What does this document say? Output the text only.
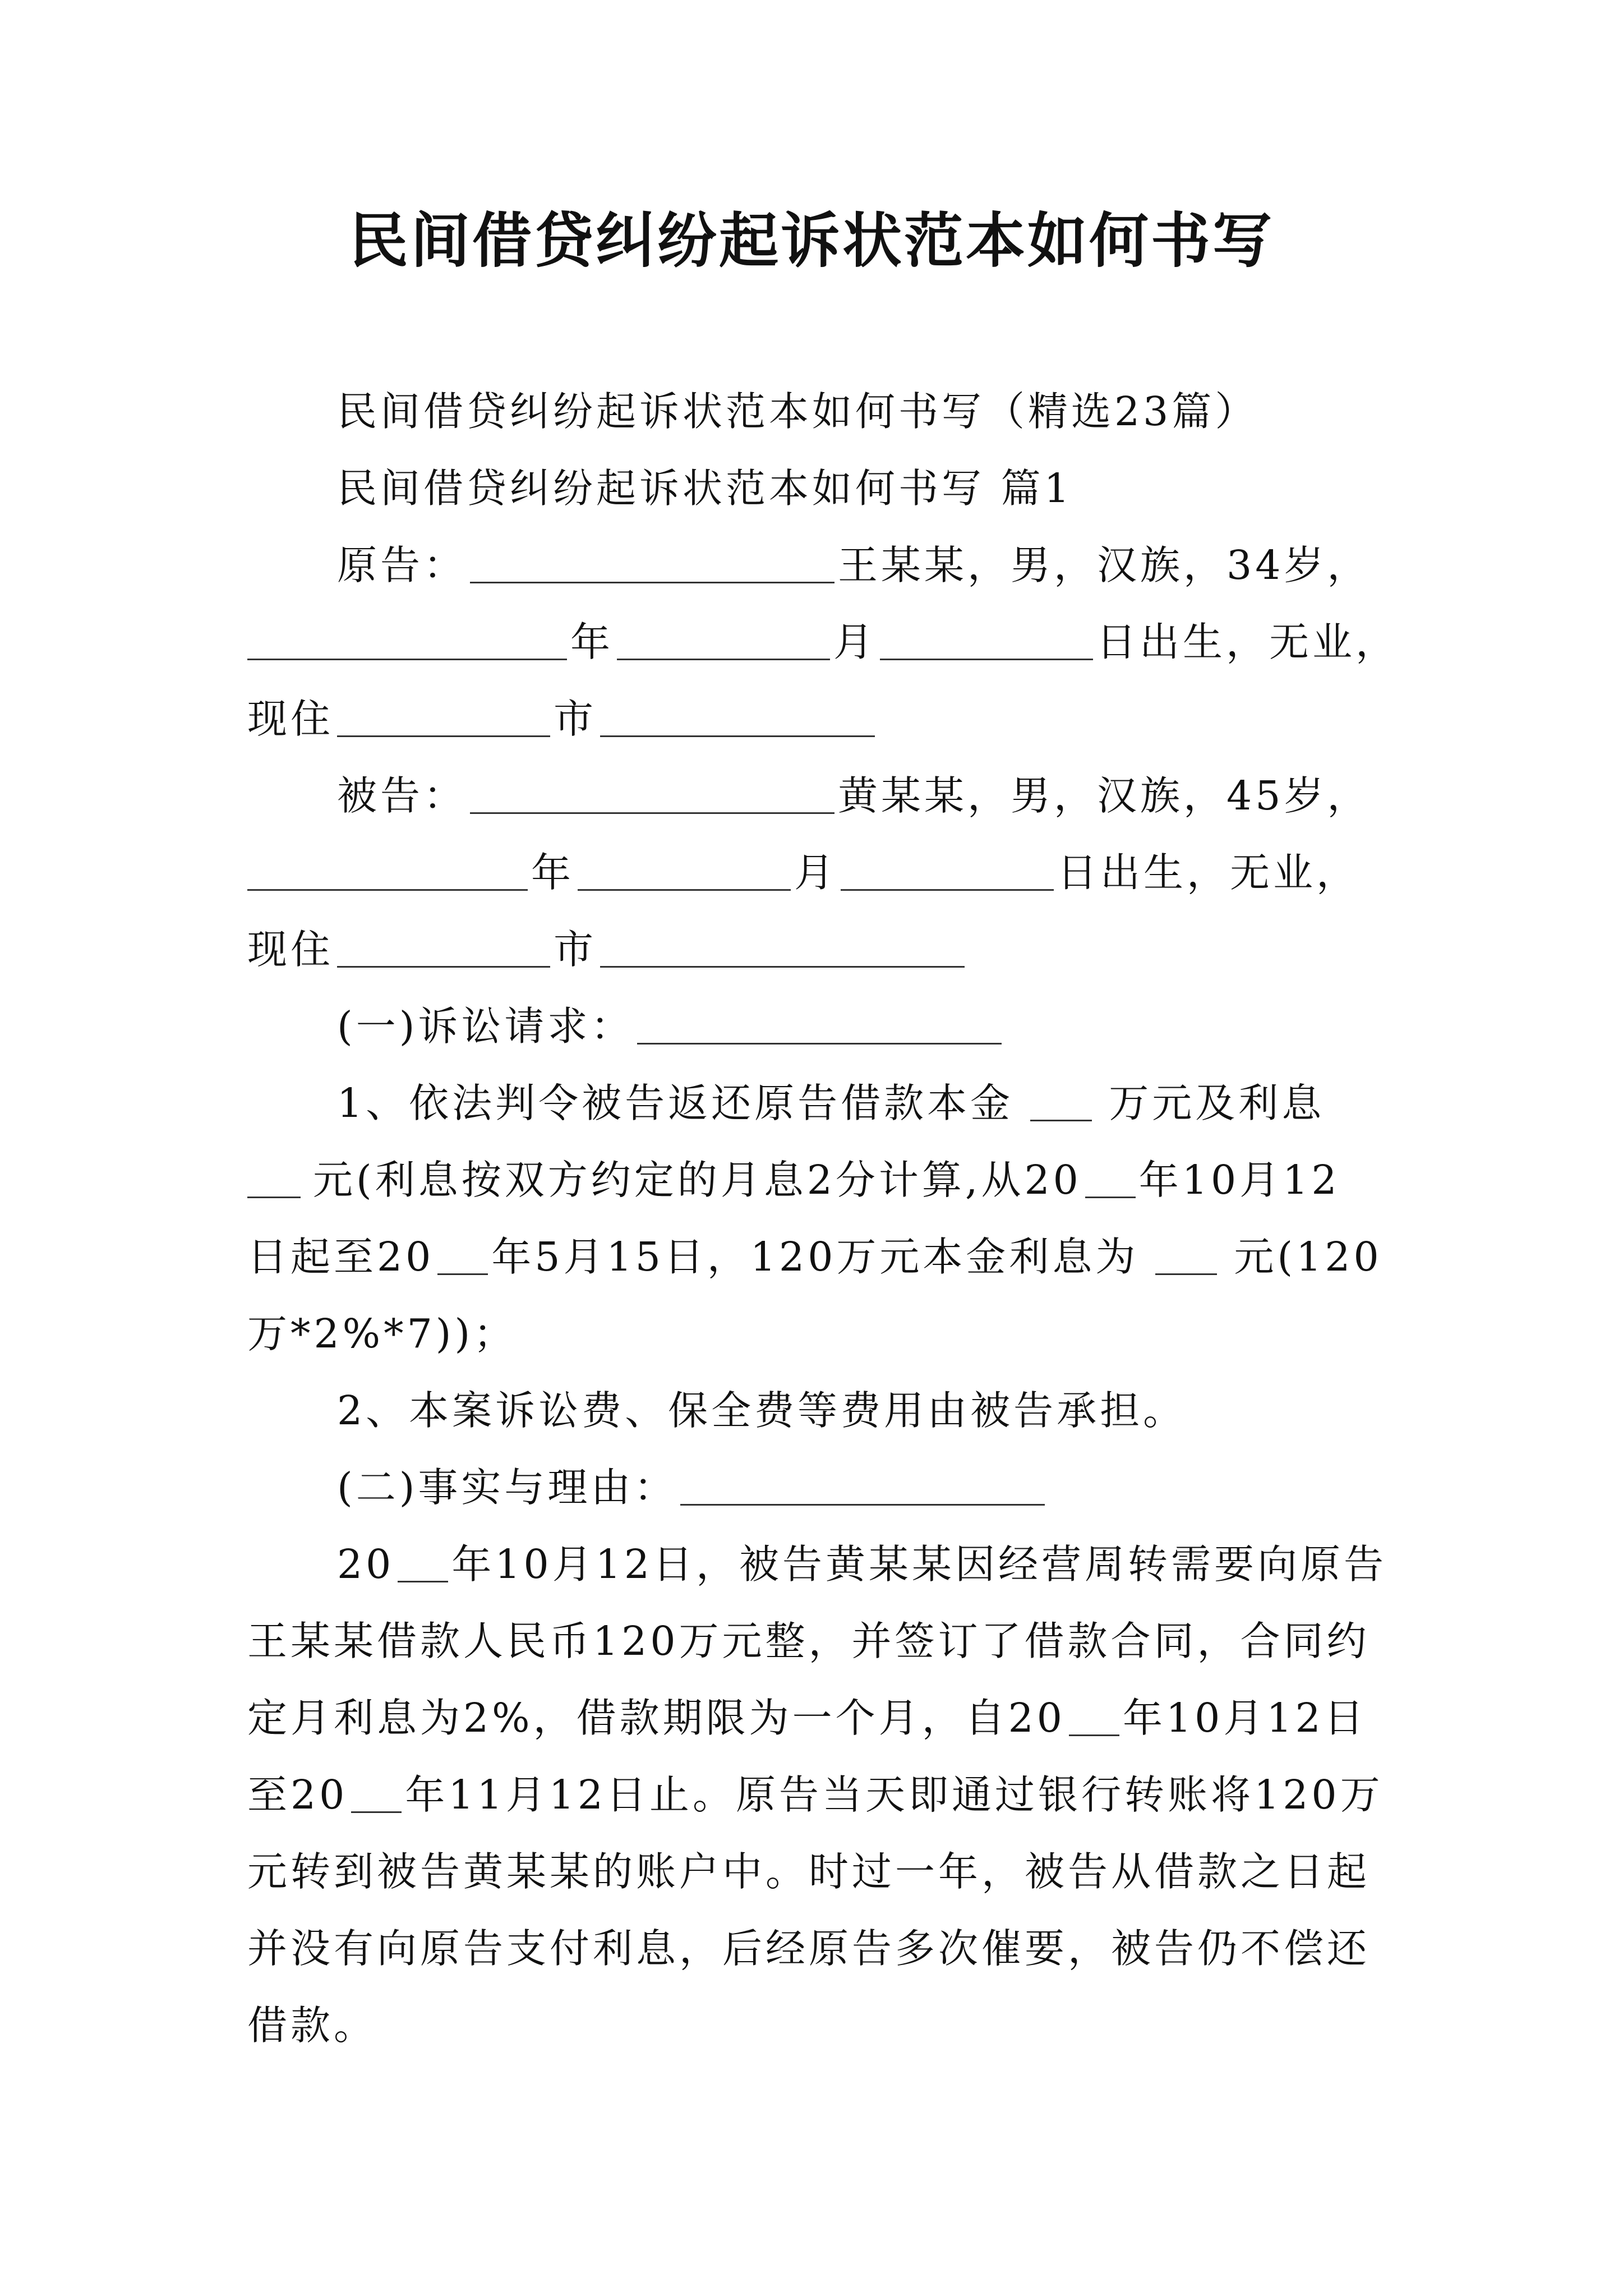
民间借贷纠纷起诉状范本如何书写
民间借贷纠纷起诉状范本如何书写（精选23篇）
民间借贷纠纷起诉状范本如何书写 篇1
原告：	王某某，男，汉族，34岁，
年	月	日出生，无业，
现住	市
被告：	黄某某，男，汉族，45岁，
年	月	日出生，无业，
现住	市
(一)诉讼请求：
1、依法判令被告返还原告借款本金 万元及利息
元(利息按双方约定的月息2分计算,从20 年10月12
日起至20 年5月15日，120万元本金利息为 元(120
万*2%*7))；
2、本案诉讼费、保全费等费用由被告承担。
(二)事实与理由：
20 年10月12日，被告黄某某因经营周转需要向原告
王某某借款人民币120万元整，并签订了借款合同，合同约
定月利息为2%，借款期限为一个月，自20 年10月12日
至20 年11月12日止。原告当天即通过银行转账将120万
元转到被告黄某某的账户中。时过一年，被告从借款之日起
并没有向原告支付利息，后经原告多次催要，被告仍不偿还
借款。
